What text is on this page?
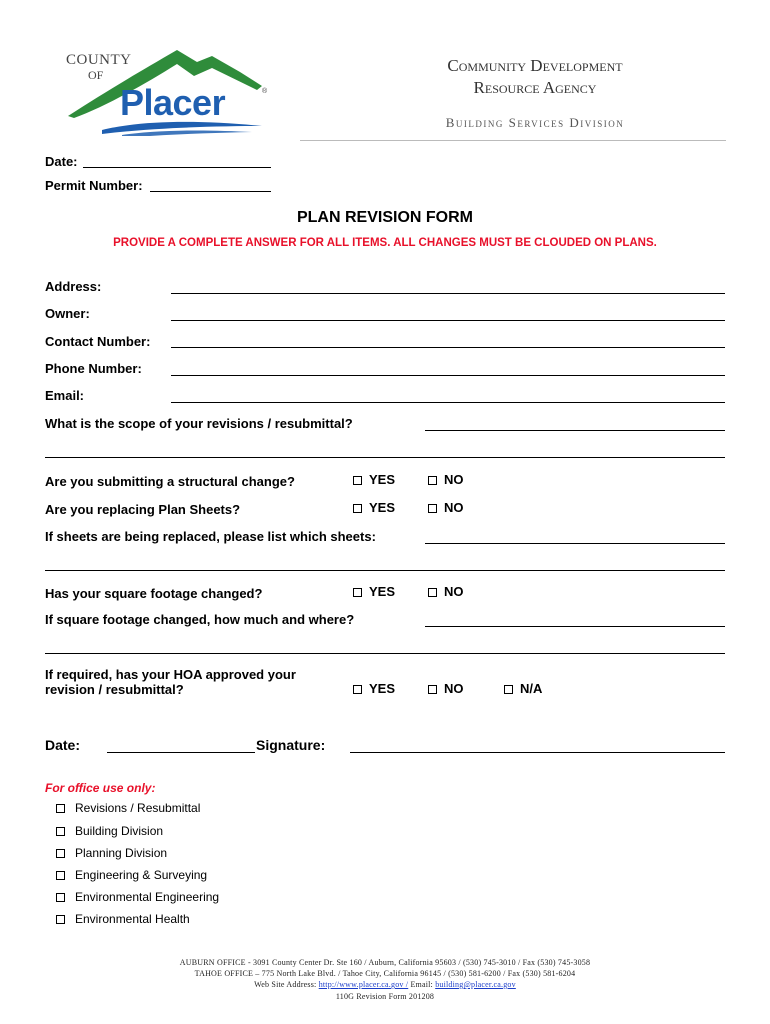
COUNTY
OF
Placer	®
Community Development
Resource Agency
Building Services Division
Date:
Permit Number:
PLAN REVISION FORM
PROVIDE A COMPLETE ANSWER FOR ALL ITEMS. ALL CHANGES MUST BE CLOUDED ON PLANS.
Address:
Owner:
Contact Number:
Phone Number:
Email:
What is the scope of your revisions / resubmittal?
Are you submitting a structural change?	YES	NO
Are you replacing Plan Sheets?	YES	NO
If sheets are being replaced, please list which sheets:
Has your square footage changed?	YES	NO
If square footage changed, how much and where?
If required, has your HOA approved your
revision / resubmittal?	YES	NO	N/A
Date:	Signature:
For office use only:
Revisions / Resubmittal
Building Division
Planning Division
Engineering & Surveying
Environmental Engineering
Environmental Health
AUBURN OFFICE - 3091 County Center Dr. Ste 160 / Auburn, California 95603 / (530) 745-3010 / Fax (530) 745-3058
TAHOE OFFICE – 775 North Lake Blvd. / Tahoe City, California 96145 / (530) 581-6200 / Fax (530) 581-6204
Web Site Address: http://www.placer.ca.gov / Email: building@placer.ca.gov
110G Revision Form 201208
